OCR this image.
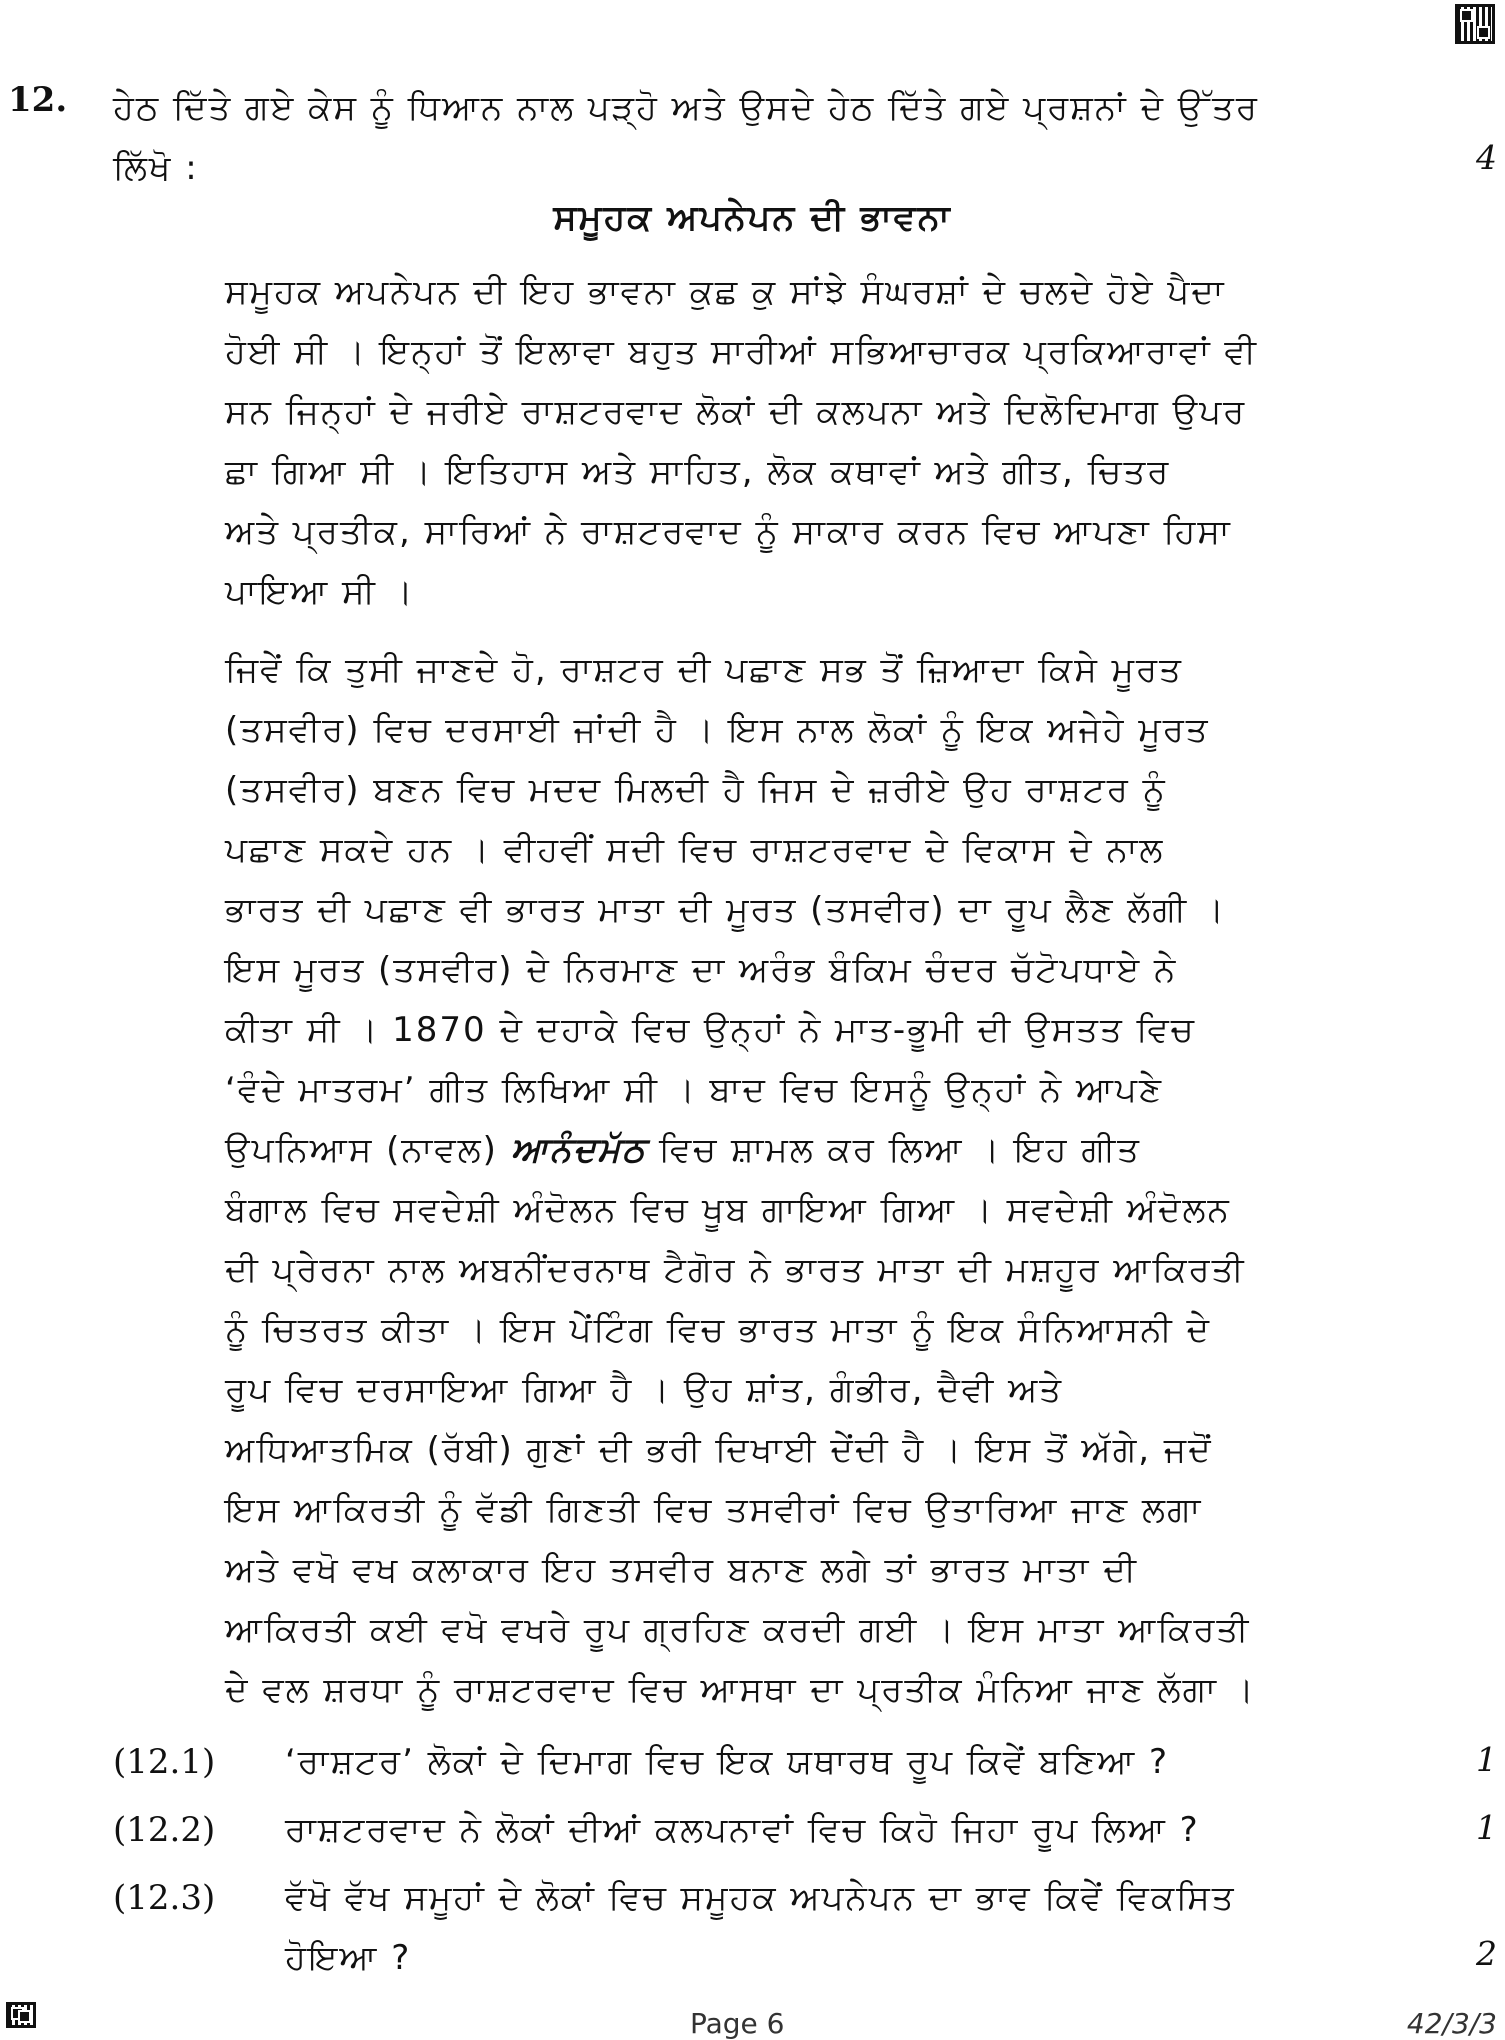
12. ਹੇਠ ਦਿੱਤੇ ਗਏ ਕੇਸ ਨੂੰ ਧਿਆਨ ਨਾਲ ਪੜ੍ਹੋ ਅਤੇ ਉਸਦੇ ਹੇਠ ਦਿੱਤੇ ਗਏ ਪ੍ਰਸ਼ਨਾਂ ਦੇ ਉੱਤਰ
ਲਿੱਖੋ :	4
ਸਮੂਹਕ ਅਪਨੇਪਨ ਦੀ ਭਾਵਨਾ
ਸਮੂਹਕ ਅਪਨੇਪਨ ਦੀ ਇਹ ਭਾਵਨਾ ਕੁਛ ਕੁ ਸਾਂਝੇ ਸੰਘਰਸ਼ਾਂ ਦੇ ਚਲਦੇ ਹੋਏ ਪੈਦਾ
ਹੋਈ ਸੀ । ਇਨ੍ਹਾਂ ਤੋਂ ਇਲਾਵਾ ਬਹੁਤ ਸਾਰੀਆਂ ਸਭਿਆਚਾਰਕ ਪ੍ਰਕਿਆਰਾਵਾਂ ਵੀ
ਸਨ ਜਿਨ੍ਹਾਂ ਦੇ ਜਰੀਏ ਰਾਸ਼ਟਰਵਾਦ ਲੋਕਾਂ ਦੀ ਕਲਪਨਾ ਅਤੇ ਦਿਲੋਦਿਮਾਗ ਉਪਰ
ਛਾ ਗਿਆ ਸੀ । ਇਤਿਹਾਸ ਅਤੇ ਸਾਹਿਤ, ਲੋਕ ਕਥਾਵਾਂ ਅਤੇ ਗੀਤ, ਚਿਤਰ
ਅਤੇ ਪ੍ਰਤੀਕ, ਸਾਰਿਆਂ ਨੇ ਰਾਸ਼ਟਰਵਾਦ ਨੂੰ ਸਾਕਾਰ ਕਰਨ ਵਿਚ ਆਪਣਾ ਹਿਸਾ
ਪਾਇਆ ਸੀ ।
ਜਿਵੇਂ ਕਿ ਤੁਸੀ ਜਾਣਦੇ ਹੋ, ਰਾਸ਼ਟਰ ਦੀ ਪਛਾਣ ਸਭ ਤੋਂ ਜ਼ਿਆਦਾ ਕਿਸੇ ਮੂਰਤ
(ਤਸਵੀਰ) ਵਿਚ ਦਰਸਾਈ ਜਾਂਦੀ ਹੈ । ਇਸ ਨਾਲ ਲੋਕਾਂ ਨੂੰ ਇਕ ਅਜੇਹੇ ਮੂਰਤ
(ਤਸਵੀਰ) ਬਣਨ ਵਿਚ ਮਦਦ ਮਿਲਦੀ ਹੈ ਜਿਸ ਦੇ ਜ਼ਰੀਏ ਉਹ ਰਾਸ਼ਟਰ ਨੂੰ
ਪਛਾਣ ਸਕਦੇ ਹਨ । ਵੀਹਵੀਂ ਸਦੀ ਵਿਚ ਰਾਸ਼ਟਰਵਾਦ ਦੇ ਵਿਕਾਸ ਦੇ ਨਾਲ
ਭਾਰਤ ਦੀ ਪਛਾਣ ਵੀ ਭਾਰਤ ਮਾਤਾ ਦੀ ਮੂਰਤ (ਤਸਵੀਰ) ਦਾ ਰੂਪ ਲੈਣ ਲੱਗੀ ।
ਇਸ ਮੂਰਤ (ਤਸਵੀਰ) ਦੇ ਨਿਰਮਾਣ ਦਾ ਅਰੰਭ ਬੰਕਿਮ ਚੰਦਰ ਚੱਟੋਪਧਾਏ ਨੇ
ਕੀਤਾ ਸੀ । 1870 ਦੇ ਦਹਾਕੇ ਵਿਚ ਉਨ੍ਹਾਂ ਨੇ ਮਾਤ-ਭੂਮੀ ਦੀ ਉਸਤਤ ਵਿਚ
‘ਵੰਦੇ ਮਾਤਰਮ’ ਗੀਤ ਲਿਖਿਆ ਸੀ । ਬਾਦ ਵਿਚ ਇਸਨੂੰ ਉਨ੍ਹਾਂ ਨੇ ਆਪਣੇ
ਉਪਨਿਆਸ (ਨਾਵਲ) ਆਨੰਦਮੱਠ ਵਿਚ ਸ਼ਾਮਲ ਕਰ ਲਿਆ । ਇਹ ਗੀਤ
ਬੰਗਾਲ ਵਿਚ ਸਵਦੇਸ਼ੀ ਅੰਦੋਲਨ ਵਿਚ ਖੂਬ ਗਾਇਆ ਗਿਆ । ਸਵਦੇਸ਼ੀ ਅੰਦੋਲਨ
ਦੀ ਪ੍ਰੇਰਨਾ ਨਾਲ ਅਬਨੀਂਦਰਨਾਥ ਟੈਗੋਰ ਨੇ ਭਾਰਤ ਮਾਤਾ ਦੀ ਮਸ਼ਹੂਰ ਆਕਿਰਤੀ
ਨੂੰ ਚਿਤਰਤ ਕੀਤਾ । ਇਸ ਪੇਂਟਿੰਗ ਵਿਚ ਭਾਰਤ ਮਾਤਾ ਨੂੰ ਇਕ ਸੰਨਿਆਸਨੀ ਦੇ
ਰੂਪ ਵਿਚ ਦਰਸਾਇਆ ਗਿਆ ਹੈ । ਉਹ ਸ਼ਾਂਤ, ਗੰਭੀਰ, ਦੈਵੀ ਅਤੇ
ਅਧਿਆਤਮਿਕ (ਰੱਬੀ) ਗੁਣਾਂ ਦੀ ਭਰੀ ਦਿਖਾਈ ਦੇਂਦੀ ਹੈ । ਇਸ ਤੋਂ ਅੱਗੇ, ਜਦੋਂ
ਇਸ ਆਕਿਰਤੀ ਨੂੰ ਵੱਡੀ ਗਿਣਤੀ ਵਿਚ ਤਸਵੀਰਾਂ ਵਿਚ ਉਤਾਰਿਆ ਜਾਣ ਲਗਾ
ਅਤੇ ਵਖੋ ਵਖ ਕਲਾਕਾਰ ਇਹ ਤਸਵੀਰ ਬਨਾਣ ਲਗੇ ਤਾਂ ਭਾਰਤ ਮਾਤਾ ਦੀ
ਆਕਿਰਤੀ ਕਈ ਵਖੋ ਵਖਰੇ ਰੂਪ ਗ੍ਰਹਿਣ ਕਰਦੀ ਗਈ । ਇਸ ਮਾਤਾ ਆਕਿਰਤੀ
ਦੇ ਵਲ ਸ਼ਰਧਾ ਨੂੰ ਰਾਸ਼ਟਰਵਾਦ ਵਿਚ ਆਸਥਾ ਦਾ ਪ੍ਰਤੀਕ ਮੰਨਿਆ ਜਾਣ ਲੱਗਾ ।
(12.1) ‘ਰਾਸ਼ਟਰ’ ਲੋਕਾਂ ਦੇ ਦਿਮਾਗ ਵਿਚ ਇਕ ਯਥਾਰਥ ਰੂਪ ਕਿਵੇਂ ਬਣਿਆ ?	1
(12.2) ਰਾਸ਼ਟਰਵਾਦ ਨੇ ਲੋਕਾਂ ਦੀਆਂ ਕਲਪਨਾਵਾਂ ਵਿਚ ਕਿਹੋ ਜਿਹਾ ਰੂਪ ਲਿਆ ?	1
(12.3) ਵੱਖੋ ਵੱਖ ਸਮੂਹਾਂ ਦੇ ਲੋਕਾਂ ਵਿਚ ਸਮੂਹਕ ਅਪਨੇਪਨ ਦਾ ਭਾਵ ਕਿਵੇਂ ਵਿਕਸਿਤ
ਹੋਇਆ ?	2
Page 6	42/3/3
